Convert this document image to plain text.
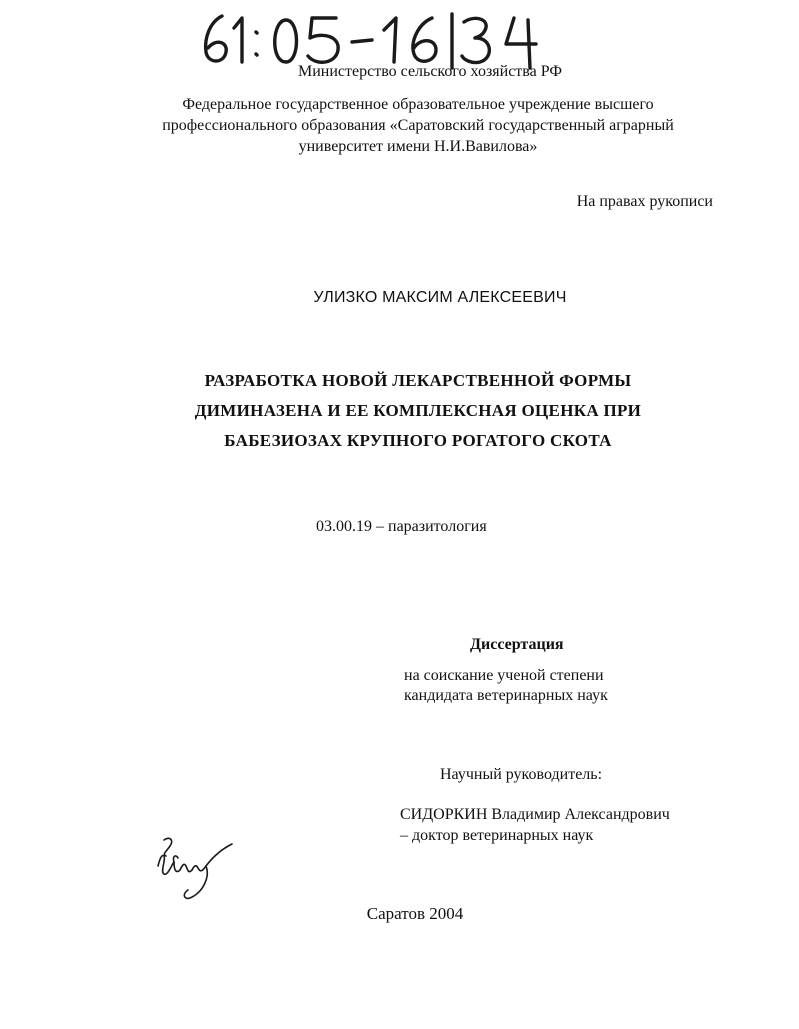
Министерство сельского хозяйства РФ
Федеральное государственное образовательное учреждение высшего
профессионального образования «Саратовский государственный аграрный
университет имени Н.И.Вавилова»
На правах рукописи
УЛИЗКО МАКСИМ АЛЕКСЕЕВИЧ
РАЗРАБОТКА НОВОЙ ЛЕКАРСТВЕННОЙ ФОРМЫ
ДИМИНАЗЕНА И ЕЕ КОМПЛЕКСНАЯ ОЦЕНКА ПРИ
БАБЕЗИОЗАХ КРУПНОГО РОГАТОГО СКОТА
03.00.19 – паразитология
Диссертация
на соискание ученой степени
кандидата ветеринарных наук
Научный руководитель:
СИДОРКИН Владимир Александрович
– доктор ветеринарных наук
Саратов 2004
